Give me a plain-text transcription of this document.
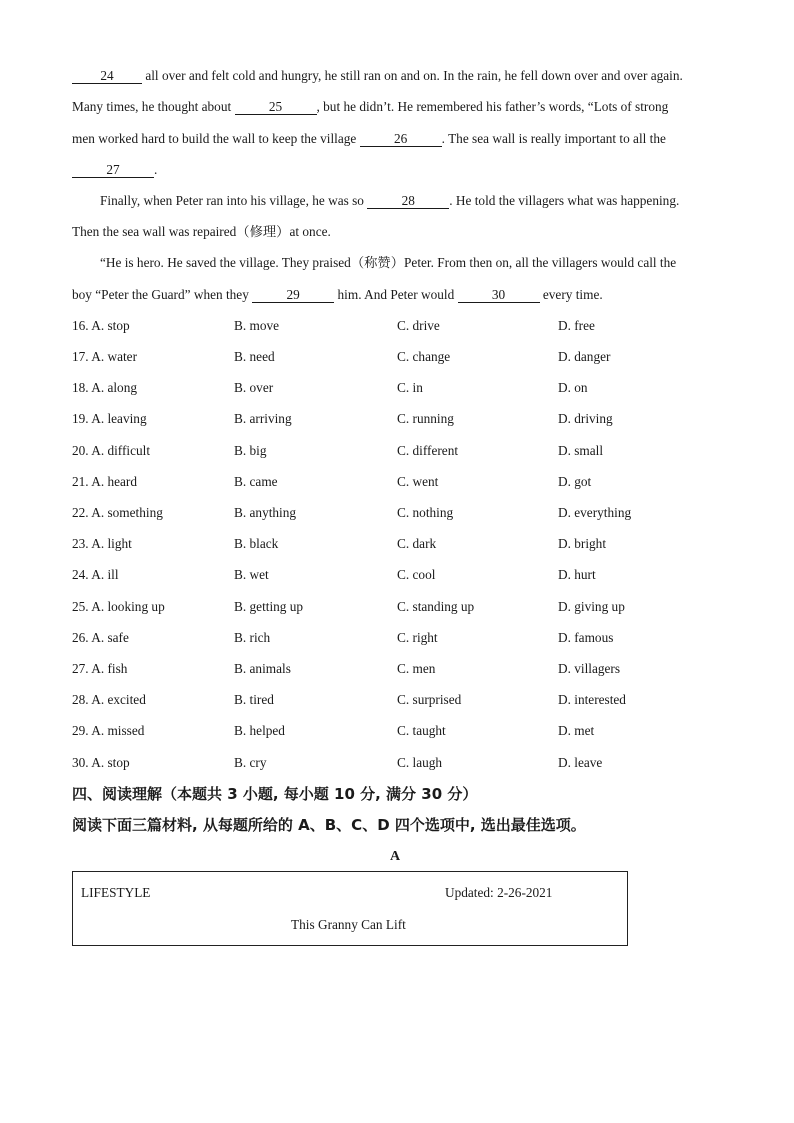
24 all over and felt cold and hungry, he still ran on and on. In the rain, he fell down over and over again.
Many times, he thought about	25	, but he didn’t. He remembered his father’s words, “Lots of strong
men worked hard to build the wall to keep the village	26	. The sea wall is really important to all the
27	.
Finally, when Peter ran into his village, he was so	28	. He told the villagers what was happening.
Then the sea wall was repaired（修理）at once.
“He is hero. He saved the village. They praised（称赞）Peter. From then on, all the villagers would call the
boy “Peter the Guard” when they	29	him. And Peter would	30	every time.
16. A. stop	B. move	C. drive	D. free
17. A. water	B. need	C. change	D. danger
18. A. along	B. over	C. in	D. on
19. A. leaving	B. arriving	C. running	D. driving
20. A. difficult	B. big	C. different	D. small
21. A. heard	B. came	C. went	D. got
22. A. something	B. anything	C. nothing	D. everything
23. A. light	B. black	C. dark	D. bright
24. A. ill	B. wet	C. cool	D. hurt
25. A. looking up	B. getting up	C. standing up	D. giving up
26. A. safe	B. rich	C. right	D. famous
27. A. fish	B. animals	C. men	D. villagers
28. A. excited	B. tired	C. surprised	D. interested
29. A. missed	B. helped	C. taught	D. met
30. A. stop	B. cry	C. laugh	D. leave
四、阅读理解（本题共 3 小题, 每小题 10 分, 满分 30 分）
阅读下面三篇材料, 从每题所给的 A、B、C、D 四个选项中, 选出最佳选项。
A
LIFESTYLE	Updated: 2-26-2021
This Granny Can Lift
